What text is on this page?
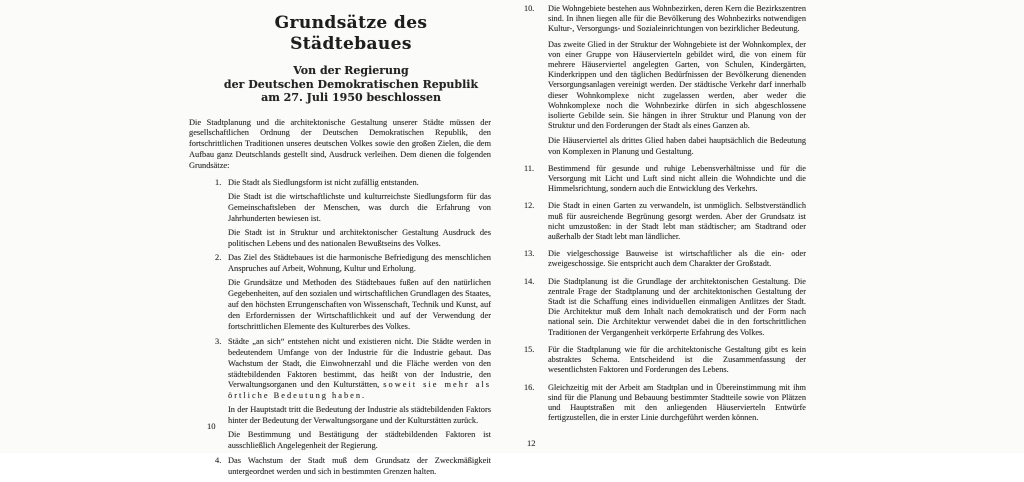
Grundsätze des Städtebaues
Von der Regierung
der Deutschen Demokratischen Republik
am 27. Juli 1950 beschlossen
Die Stadtplanung und die architektonische Gestaltung unserer Städte müssen der gesellschaftlichen Ordnung der Deutschen Demokratischen Republik, den fortschrittlichen Traditionen unseres deutschen Volkes sowie den großen Zielen, die dem Aufbau ganz Deutschlands gestellt sind, Ausdruck verleihen. Dem dienen die folgenden Grundsätze:
1. Die Stadt als Siedlungsform ist nicht zufällig entstanden.

Die Stadt ist die wirtschaftlichste und kulturreichste Siedlungsform für das Gemeinschaftsleben der Menschen, was durch die Erfahrung von Jahrhunderten bewiesen ist.

Die Stadt ist in Struktur und architektonischer Gestaltung Ausdruck des politischen Lebens und des nationalen Bewußtseins des Volkes.

2. Das Ziel des Städtebaues ist die harmonische Befriedigung des menschlichen Anspruches auf Arbeit, Wohnung, Kultur und Erholung.

Die Grundsätze und Methoden des Städtebaues fußen auf den natürlichen Gegebenheiten, auf den sozialen und wirtschaftlichen Grundlagen des Staates, auf den höchsten Errungenschaften von Wissenschaft, Technik und Kunst, auf den Erfordernissen der Wirtschaftlichkeit und auf der Verwendung der fortschrittlichen Elemente des Kulturerbes des Volkes.

3. Städte „an sich“ entstehen nicht und existieren nicht. Die Städte werden in bedeutendem Umfange von der Industrie für die Industrie gebaut. Das Wachstum der Stadt, die Einwohnerzahl und die Fläche werden von den städtebildenden Faktoren bestimmt, das heißt von der Industrie, den Verwaltungsorganen und den Kulturstätten, soweit sie mehr als örtliche Bedeutung haben.

In der Hauptstadt tritt die Bedeutung der Industrie als städtebildenden Faktors hinter der Bedeutung der Verwaltungsorgane und der Kulturstätten zurück.

Die Bestimmung und Bestätigung der städtebildenden Faktoren ist ausschließlich Angelegenheit der Regierung.

4. Das Wachstum der Stadt muß dem Grundsatz der Zweckmäßigkeit untergeordnet werden und sich in bestimmten Grenzen halten.

10.	Die Wohngebiete bestehen aus Wohnbezirken, deren Kern die Bezirkszentren sind. In ihnen liegen alle für die Bevölkerung des Wohnbezirks notwendigen Kultur-, Versorgungs- und Sozialeinrichtungen von bezirklicher Bedeutung.

Das zweite Glied in der Struktur der Wohngebiete ist der Wohnkomplex, der von einer Gruppe von Häuservierteln gebildet wird, die von einem für mehrere Häuserviertel angelegten Garten, von Schulen, Kindergärten, Kinderkrippen und den täglichen Bedürfnissen der Bevölkerung dienenden Versorgungsanlagen vereinigt werden. Der städtische Verkehr darf innerhalb dieser Wohnkomplexe nicht zugelassen werden, aber weder die Wohnkomplexe noch die Wohnbezirke dürfen in sich abgeschlossene isolierte Gebilde sein. Sie hängen in ihrer Struktur und Planung von der Struktur und den Forderungen der Stadt als eines Ganzen ab.

Die Häuserviertel als drittes Glied haben dabei hauptsächlich die Bedeutung von Komplexen in Planung und Gestaltung.

11.	Bestimmend für gesunde und ruhige Lebensverhältnisse und für die Versorgung mit Licht und Luft sind nicht allein die Wohndichte und die Himmelsrichtung, sondern auch die Entwicklung des Verkehrs.

12.	Die Stadt in einen Garten zu verwandeln, ist unmöglich. Selbstverständlich muß für ausreichende Begrünung gesorgt werden. Aber der Grundsatz ist nicht umzustoßen: in der Stadt lebt man städtischer; am Stadtrand oder außerhalb der Stadt lebt man ländlicher.

13.	Die vielgeschossige Bauweise ist wirtschaftlicher als die ein- oder zweigeschossige. Sie entspricht auch dem Charakter der Großstadt.

14.	Die Stadtplanung ist die Grundlage der architektonischen Gestaltung. Die zentrale Frage der Stadtplanung und der architektonischen Gestaltung der Stadt ist die Schaffung eines individuellen einmaligen Antlitzes der Stadt. Die Architektur muß dem Inhalt nach demokratisch und der Form nach national sein. Die Architektur verwendet dabei die in den fortschrittlichen Traditionen der Vergangenheit verkörperte Erfahrung des Volkes.

15.	Für die Stadtplanung wie für die architektonische Gestaltung gibt es kein abstraktes Schema. Entscheidend ist die Zusammenfassung der wesentlichsten Faktoren und Forderungen des Lebens.

16.	Gleichzeitig mit der Arbeit am Stadtplan und in Übereinstimmung mit ihm sind für die Planung und Bebauung bestimmter Stadtteile sowie von Plätzen und Hauptstraßen mit den anliegenden Häuservierteln Entwürfe fertigzustellen, die in erster Linie durchgeführt werden können.

10
12
